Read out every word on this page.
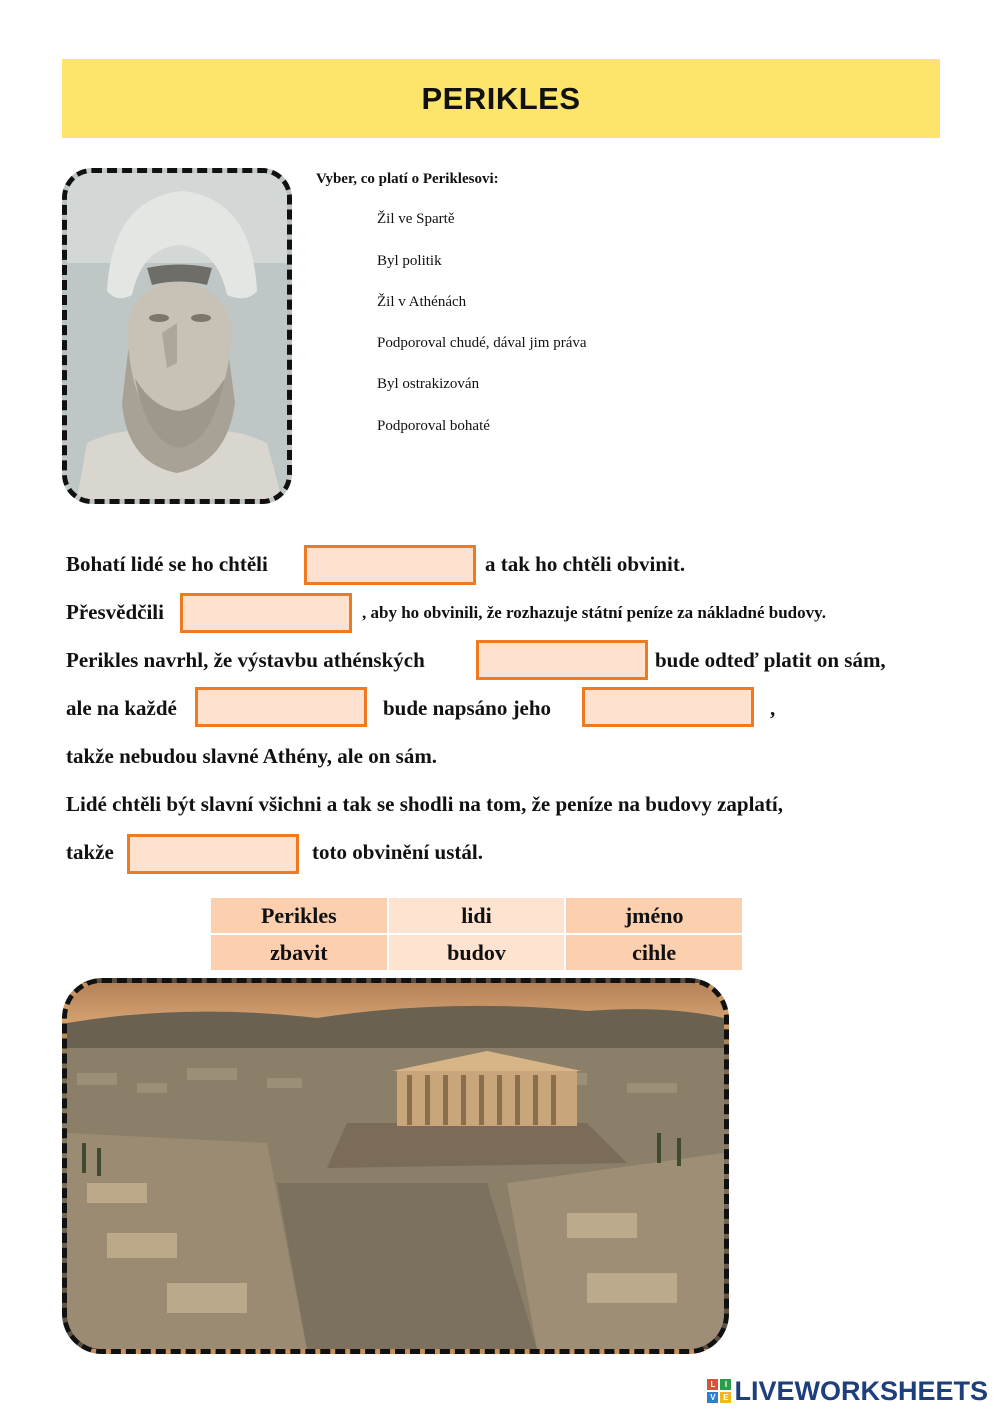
PERIKLES
Vyber, co platí o Periklesovi:
Žil ve Spartě
Byl politik
Žil v Athénách
Podporoval chudé, dával jim práva
Byl ostrakizován
Podporoval bohaté
Bohatí lidé se ho chtěli	a tak ho chtěli obvinit.
Přesvědčili	, aby ho obvinili, že rozhazuje státní peníze za nákladné budovy.
Perikles navrhl, že výstavbu athénských	bude odteď platit on sám,
ale na každé	bude napsáno jeho	,
takže nebudou slavné Athény, ale on sám.
Lidé chtěli být slavní všichni a tak se shodli na tom, že peníze na budovy zaplatí,
takže	toto obvinění ustál.
Perikles	lidi	jméno
zbavit	budov	cihle
L	I
V E LIVEWORKSHEETS
